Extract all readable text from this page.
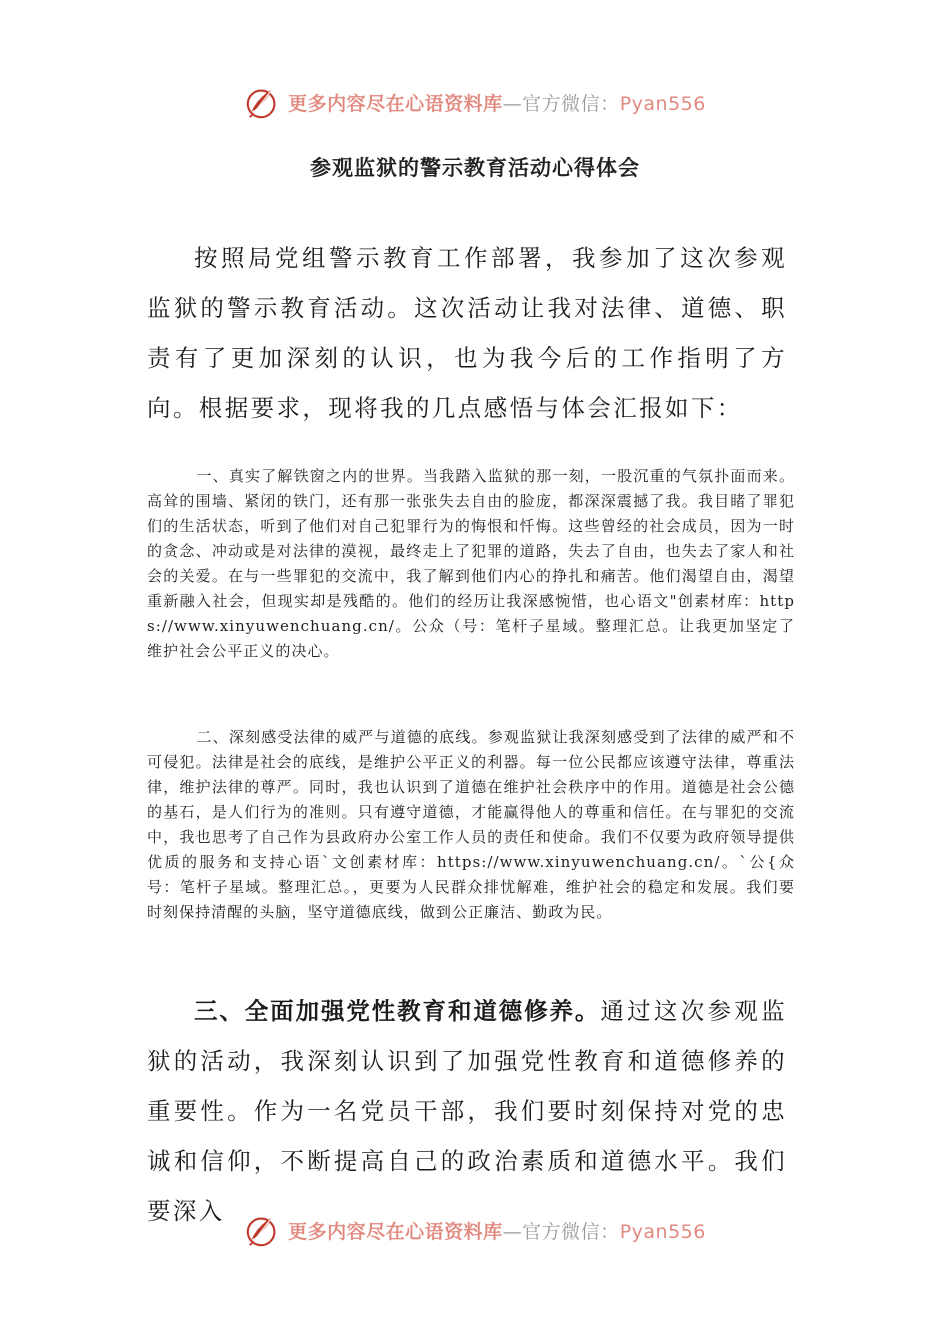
更多内容尽在心语资料库—官方微信：Pyan556
参观监狱的警示教育活动心得体会

按照局党组警示教育工作部署，我参加了这次参观监狱的警示教育活动。这次活动让我对法律、道德、职责有了更加深刻的认识，也为我今后的工作指明了方向。根据要求，现将我的几点感悟与体会汇报如下：

一、真实了解铁窗之内的世界。当我踏入监狱的那一刻，一股沉重的气氛扑面而来。高耸的围墙、紧闭的铁门，还有那一张张失去自由的脸庞，都深深震撼了我。我目睹了罪犯们的生活状态，听到了他们对自己犯罪行为的悔恨和忏悔。这些曾经的社会成员，因为一时的贪念、冲动或是对法律的漠视，最终走上了犯罪的道路，失去了自由，也失去了家人和社会的关爱。在与一些罪犯的交流中，我了解到他们内心的挣扎和痛苦。他们渴望自由，渴望重新融入社会，但现实却是残酷的。他们的经历让我深感惋惜，也心语文"创素材库：https://www.xinyuwenchuang.cn/。公众（号：笔杆子星域。整理汇总。让我更加坚定了维护社会公平正义的决心。

二、深刻感受法律的威严与道德的底线。参观监狱让我深刻感受到了法律的威严和不可侵犯。法律是社会的底线，是维护公平正义的利器。每一位公民都应该遵守法律，尊重法律，维护法律的尊严。同时，我也认识到了道德在维护社会秩序中的作用。道德是社会公德的基石，是人们行为的准则。只有遵守道德，才能赢得他人的尊重和信任。在与罪犯的交流中，我也思考了自己作为县政府办公室工作人员的责任和使命。我们不仅要为政府领导提供优质的服务和支持心语`文创素材库：https://www.xinyuwenchuang.cn/。`公{众号：笔杆子星域。整理汇总。，更要为人民群众排忧解难，维护社会的稳定和发展。我们要时刻保持清醒的头脑，坚守道德底线，做到公正廉洁、勤政为民。

三、全面加强党性教育和道德修养。通过这次参观监狱的活动，我深刻认识到了加强党性教育和道德修养的重要性。作为一名党员干部，我们要时刻保持对党的忠诚和信仰，不断提高自己的政治素质和道德水平。我们要深入

更多内容尽在心语资料库—官方微信：Pyan556
